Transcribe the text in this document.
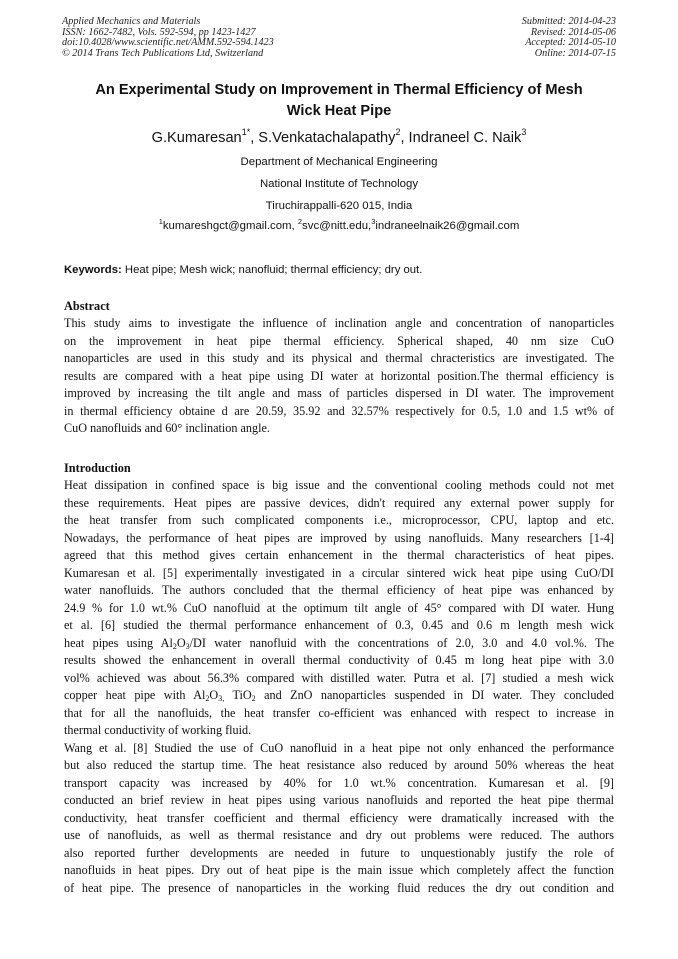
Applied Mechanics and Materials
ISSN: 1662-7482, Vols. 592-594, pp 1423-1427
doi:10.4028/www.scientific.net/AMM.592-594.1423
© 2014 Trans Tech Publications Ltd, Switzerland
Submitted: 2014-04-23
Revised: 2014-05-06
Accepted: 2014-05-10
Online: 2014-07-15
An Experimental Study on Improvement in Thermal Efficiency of Mesh
Wick Heat Pipe
G.Kumaresan$^{1*}$, S.Venkatachalapathy$^2$, Indraneel C. Naik$^3$
Department of Mechanical Engineering
National Institute of Technology
Tiruchirappalli-620 015, India
$^1$kumareshgct@gmail.com, $^2$svc@nitt.edu,$^3$indraneelnaik26@gmail.com
Keywords: Heat pipe; Mesh wick; nanofluid; thermal efficiency; dry out.
Abstract
This study aims to investigate the influence of inclination angle and concentration of nanoparticles
on the improvement in heat pipe thermal efficiency. Spherical shaped, 40 nm size CuO
nanoparticles are used in this study and its physical and thermal chracteristics are investigated. The
results are compared with a heat pipe using DI water at horizontal position.The thermal efficiency is
improved by increasing the tilt angle and mass of particles dispersed in DI water. The improvement
in thermal efficiency obtaine d are 20.59, 35.92 and 32.57% respectively for 0.5, 1.0 and 1.5 wt% of
CuO nanofluids and 60° inclination angle.
Introduction
Heat dissipation in confined space is big issue and the conventional cooling methods could not met
these requirements. Heat pipes are passive devices, didn't required any external power supply for
the heat transfer from such complicated components i.e., microprocessor, CPU, laptop and etc.
Nowadays, the performance of heat pipes are improved by using nanofluids. Many researchers [1-4]
agreed that this method gives certain enhancement in the thermal characteristics of heat pipes.
Kumaresan et al. [5] experimentally investigated in a circular sintered wick heat pipe using CuO/DI
water nanofluids. The authors concluded that the thermal efficiency of heat pipe was enhanced by
24.9 % for 1.0 wt.% CuO nanofluid at the optimum tilt angle of 45° compared with DI water. Hung
et al. [6] studied the thermal performance enhancement of 0.3, 0.45 and 0.6 m length mesh wick
heat pipes using $Al_2O_3/DI$ water nanofluid with the concentrations of 2.0, 3.0 and 4.0 vol.%. The
results showed the enhancement in overall thermal conductivity of 0.45 m long heat pipe with 3.0
vol% achieved was about 56.3% compared with distilled water. Putra et al. [7] studied a mesh wick
copper heat pipe with $Al_2O_{3,}$ TiO$_2$ and ZnO nanoparticles suspended in DI water. They concluded
that for all the nanofluids, the heat transfer co-efficient was enhanced with respect to increase in
thermal conductivity of working fluid.
Wang et al. [8] Studied the use of CuO nanofluid in a heat pipe not only enhanced the performance
but also reduced the startup time. The heat resistance also reduced by around 50% whereas the heat
transport capacity was increased by 40% for 1.0 wt.% concentration. Kumaresan et al. [9]
conducted an brief review in heat pipes using various nanofluids and reported the heat pipe thermal
conductivity, heat transfer coefficient and thermal efficiency were dramatically increased with the
use of nanofluids, as well as thermal resistance and dry out problems were reduced. The authors
also reported further developments are needed in future to unquestionably justify the role of
nanofluids in heat pipes. Dry out of heat pipe is the main issue which completely affect the function
of heat pipe. The presence of nanoparticles in the working fluid reduces the dry out condition and
